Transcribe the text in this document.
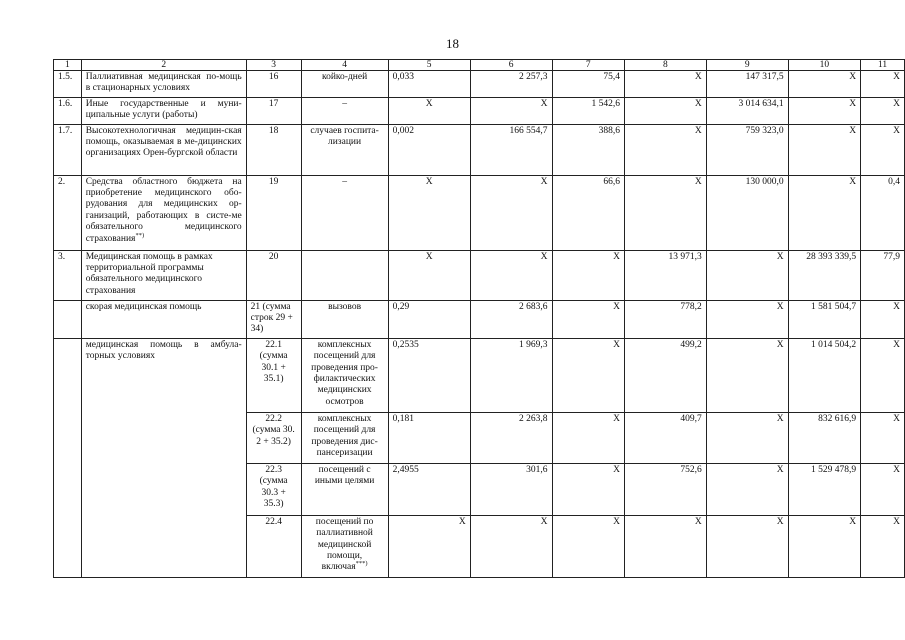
18
1	2	3	4	5	6	7	8	9	10	11
1.5.	Паллиативная медицинская по-мощь в стационарных условиях	16	койко-дней	0,033	2 257,3	75,4	X	147 317,5	X	X
1.6.	Иные государственные и муни-ципальные услуги (работы)	17	–	X	X	1 542,6	X	3 014 634,1	X	X
1.7.	Высокотехнологичная медицин-ская помощь, оказываемая в ме-дицинских организациях Орен-бургской области	18	случаев госпита-лизации	0,002	166 554,7	388,6	X	759 323,0	X	X
2.	Средства областного бюджета на приобретение медицинского обо-рудования для медицинских ор-ганизаций, работающих в систе-ме обязательного медицинского страхования**)	19	–	X	X	66,6	X	130 000,0	X	0,4
3.	Медицинская помощь в рамках территориальной программы обязательного медицинского страхования	20		X	X	X	13 971,3	X	28 393 339,5	77,9
	скорая медицинская помощь	21 (сумма строк 29 + 34)	вызовов	0,29	2 683,6	X	778,2	X	1 581 504,7	X
	медицинская помощь в амбула-торных условиях	22.1 (сумма 30.1 + 35.1)	комплексных посещений для проведения про-филактических медицинских осмотров	0,2535	1 969,3	X	499,2	X	1 014 504,2	X
		22.2 (сумма 30. 2 + 35.2)	комплексных посещений для проведения дис-пансеризации	0,181	2 263,8	X	409,7	X	832 616,9	X
		22.3 (сумма 30.3 + 35.3)	посещений с иными целями	2,4955	301,6	X	752,6	X	1 529 478,9	X
		22.4	посещений по паллиативной медицинской помощи, включая***)	X	X	X	X	X	X	X
